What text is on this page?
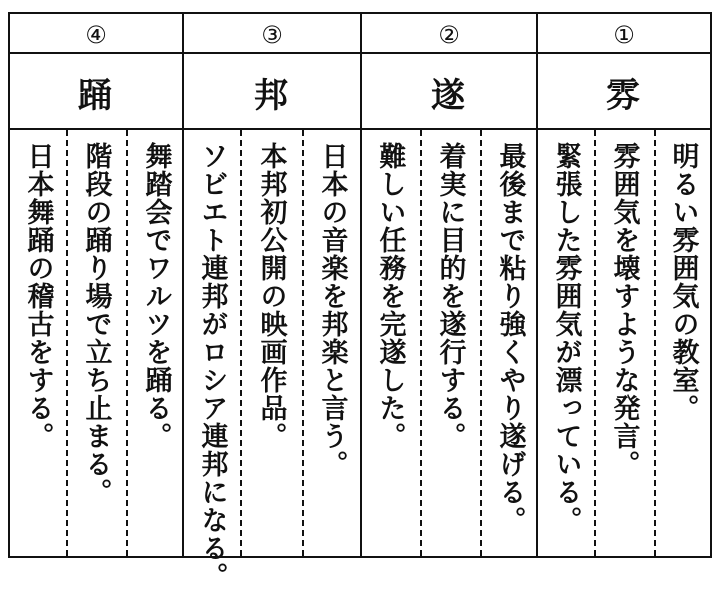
④
踊
日本舞踊の稽古をする。 階段の踊り場で立ち止まる。 舞踏会でワルツを踊る。
③
邦
ソビエト連邦がロシア連邦になる。 本邦初公開の映画作品。 日本の音楽を邦楽と言う。
②
遂
難しい任務を完遂した。 着実に目的を遂行する。 最後まで粘り強くやり遂げる。
①
雰
緊張した雰囲気が漂っている。 雰囲気を壊すような発言。 明るい雰囲気の教室。
